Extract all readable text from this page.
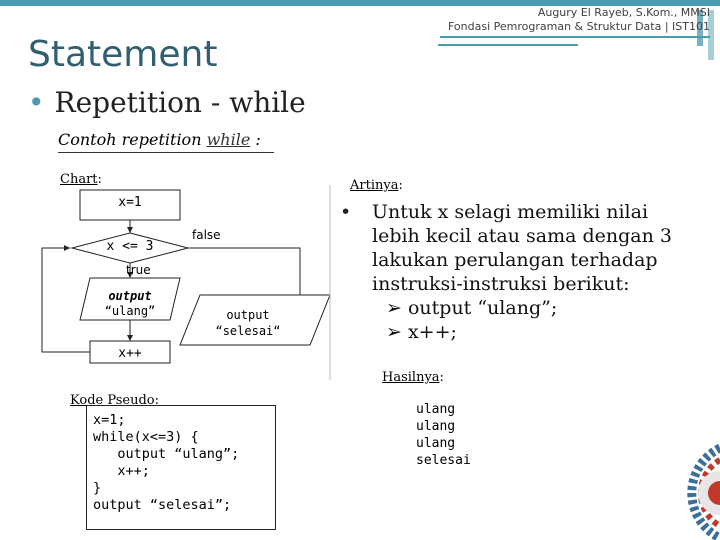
Augury El Rayeb, S.Kom., MMSI
Fondasi Pemrograman & Struktur Data | IST101
Statement
• Repetition - while
Contoh repetition while :
Chart:
x=1
x <= 3
false
true
output
“ulang”	output
“selesai“
x++
Artinya:
• Untuk x selagi memiliki nilai lebih kecil atau sama dengan 3 lakukan perulangan terhadap instruksi-instruksi berikut:
➢ output “ulang”;
➢ x++;
Hasilnya:
ulang
ulang
ulang
selesai
Kode Pseudo:
x=1;
while(x<=3) {
output “ulang”;
x++;
}
output “selesai”;
